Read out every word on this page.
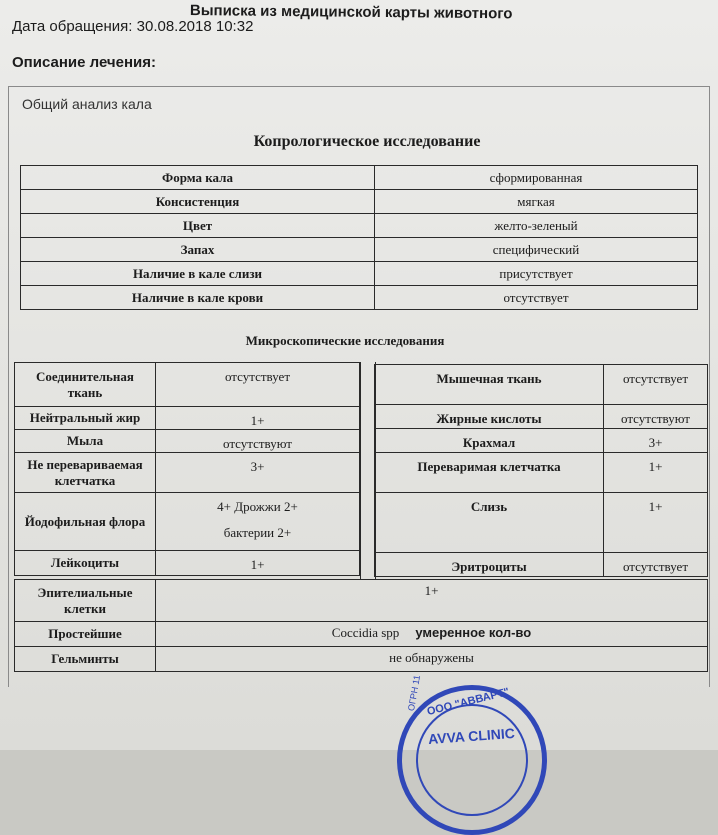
Выписка из медицинской карты животного
Дата обращения: 30.08.2018 10:32
Описание лечения:
Общий анализ кала
Копрологическое исследование
Форма кала	сформированная
Консистенция	мягкая
Цвет	желто-зеленый
Запах	специфический
Наличие в кале слизи	присутствует
Наличие в кале крови	отсутствует
Микроскопические исследования
Соединительная ткань	отсутствует
Нейтральный жир	1+
Мыла	отсутствуют
Не перевариваемая клетчатка	3+
Йодофильная флора	4+ Дрожжи 2+
бактерии 2+

Лейкоциты	1+
Мышечная ткань	отсутствует
Жирные кислоты	отсутствуют
Крахмал	3+
Переваримая клетчатка	1+
Слизь	1+
Эритроциты	отсутствует
Эпителиальные клетки	1+
Простейшие	Coccidia spp умеренное кол-во
Гельминты	не обнаружены
ООО "АВВАРТ"
AVVA CLINIC
ОГРН 11
